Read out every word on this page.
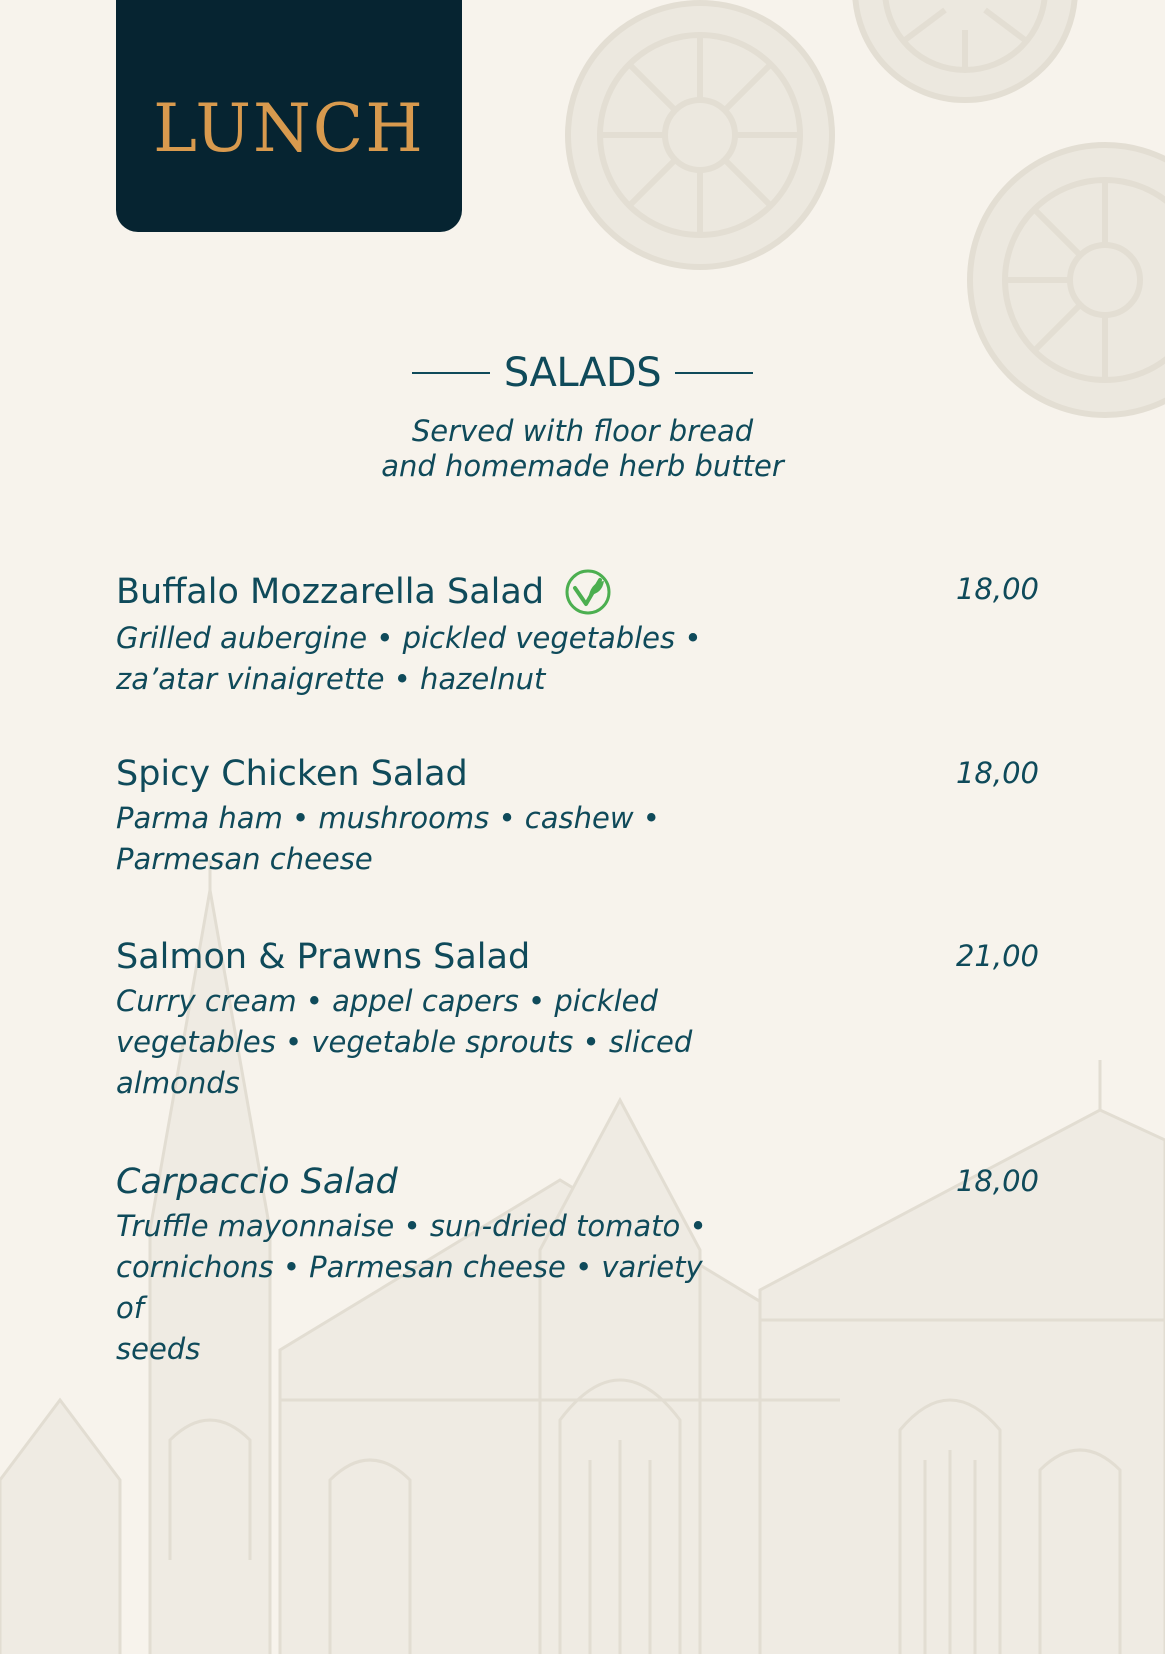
LUNCH
SALADS
Served with floor bread
and homemade herb butter
Buffalo Mozzarella Salad
Grilled aubergine • pickled vegetables •
za’atar vinaigrette • hazelnut
18,00
Spicy Chicken Salad
Parma ham • mushrooms • cashew •
Parmesan cheese
18,00
Salmon & Prawns Salad
Curry cream • appel capers • pickled
vegetables • vegetable sprouts • sliced
almonds
21,00
Carpaccio Salad
Truffle mayonnaise • sun-dried tomato •
cornichons • Parmesan cheese • variety of
seeds
18,00
